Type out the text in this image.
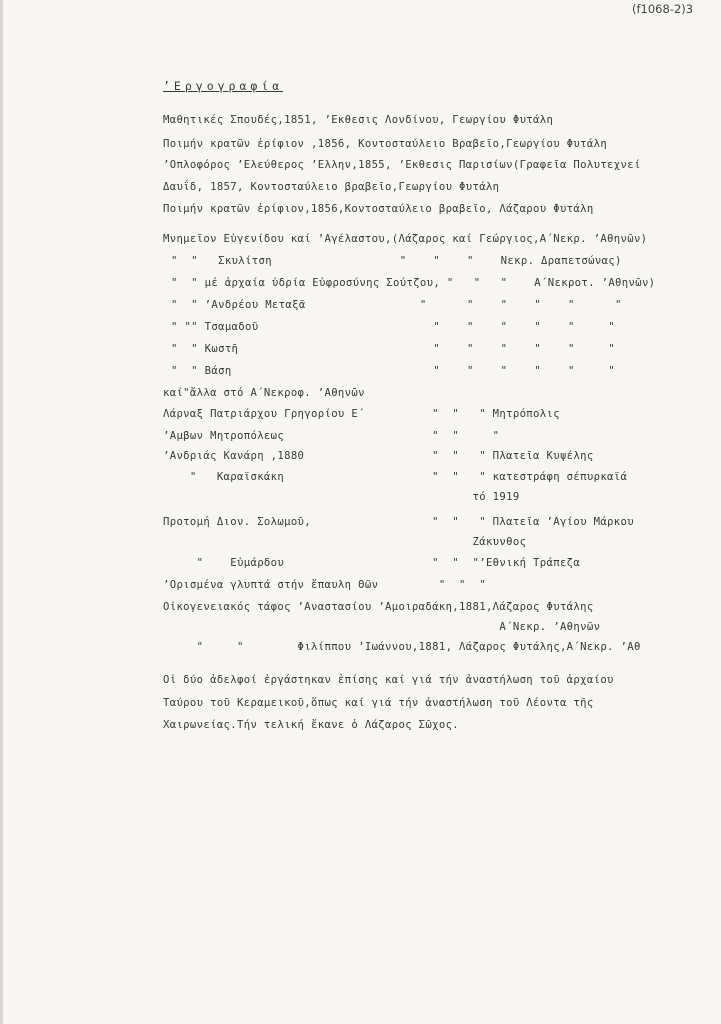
(f1068-2)3
’Εργογραφία
Μαθητικές Σπουδές,1851, ’Εκθεσις Λονδίνου, Γεωργίου Φυτάλη
Ποιμήν κρατῶν ἐρίφιον ,1856, Κοντοσταύλειο Βραβεῖο,Γεωργίου Φυτάλη
’Οπλοφόρος ’Ελεύθερος ’Ελλην,1855, ’Εκθεσις Παρισίων(Γραφεῖα Πολυτεχνεί
Δαυΐδ, 1857, Κοντοσταύλειο βραβεῖο,Γεωργίου Φυτάλη
Ποιμήν κρατῶν ἐρίφιον,1856,Κοντοσταύλειο βραβεῖο, Λάζαρου Φυτάλη
Μνημεῖον Εὐγενίδου καί ’Αγέλαστου,(Λάζαρος καί Γεώργιος,Α΄Νεκρ. ’Αθηνῶν)
"  "   Σκυλίτση                   "    "    "    Νεκρ. Δραπετσώνας)
"  " μέ ἀρχαία ὑδρία Εὐφροσύνης Σούτζου, "   "   "    Α΄Νεκροτ. ’Αθηνῶν)
"  " ’Ανδρέου Μεταξᾶ                 "      "    "    "    "      "
" "" Τσαμαδοῦ                          "    "    "    "    "     "
"  " Κωστῆ                             "    "    "    "    "     "
"  " Βάση                              "    "    "    "    "     "
καί"ἄλλα στό Α΄Νεκροφ. ’Αθηνῶν
Λάρναξ Πατριάρχου Γρηγορίου Ε΄          "  "   " Μητρόπολις
’Αμβων Μητροπόλεως                      "  "     "
’Ανδριάς Κανάρη ,1880                   "  "   " Πλατεῖα Κυψέλης
"   Καραϊσκάκη                      "  "   " κατεστράφη σέπυρκαϊά
τό 1919
Προτομή Διον. Σολωμοῦ,                  "  "   " Πλατεῖα ’Αγίου Μάρκου
Ζάκυνθος
"    Εὐμάρδου                      "  "  "’Εθνική Τράπεζα
’Ορισμένα γλυπτά στήν ἔπαυλη Θῶν         "  "  "
Οἰκογενειακός τάφος ’Αναστασίου ’Αμοιραδάκη,1881,Λάζαρος Φυτάλης
Α΄Νεκρ. ’Αθηνῶν
"     "        Φιλίππου ’Ιωάννου,1881, Λάζαρος Φυτάλης,Α΄Νεκρ. ’Αθ
Οἱ δύο ἀδελφοί ἐργάστηκαν ἐπίσης καί γιά τήν ἀναστήλωση τοῦ ἀρχαίου
Ταύρου τοῦ Κεραμεικοῦ,ὅπως καί γιά τήν ἀναστήλωση τοῦ Λέοντα τῆς
Χαιρωνείας.Τήν τελική ἔκανε ὁ Λάζαρος Σῶχος.
